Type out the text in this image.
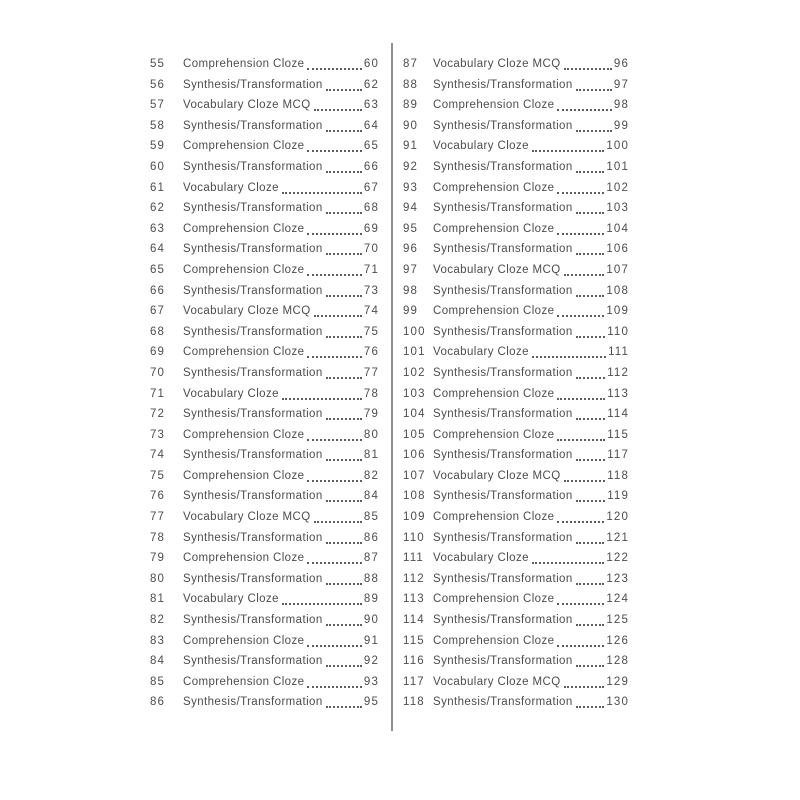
55	Comprehension Cloze	60
56	Synthesis/Transformation	62
57	Vocabulary Cloze MCQ	63
58	Synthesis/Transformation	64
59	Comprehension Cloze	65
60	Synthesis/Transformation	66
61	Vocabulary Cloze	67
62	Synthesis/Transformation	68
63	Comprehension Cloze	69
64	Synthesis/Transformation	70
65	Comprehension Cloze	71
66	Synthesis/Transformation	73
67	Vocabulary Cloze MCQ	74
68	Synthesis/Transformation	75
69	Comprehension Cloze	76
70	Synthesis/Transformation	77
71	Vocabulary Cloze	78
72	Synthesis/Transformation	79
73	Comprehension Cloze	80
74	Synthesis/Transformation	81
75	Comprehension Cloze	82
76	Synthesis/Transformation	84
77	Vocabulary Cloze MCQ	85
78	Synthesis/Transformation	86
79	Comprehension Cloze	87
80	Synthesis/Transformation	88
81	Vocabulary Cloze	89
82	Synthesis/Transformation	90
83	Comprehension Cloze	91
84	Synthesis/Transformation	92
85	Comprehension Cloze	93
86	Synthesis/Transformation	95
87	Vocabulary Cloze MCQ	96
88	Synthesis/Transformation	97
89	Comprehension Cloze	98
90	Synthesis/Transformation	99
91	Vocabulary Cloze	100
92	Synthesis/Transformation	101
93	Comprehension Cloze	102
94	Synthesis/Transformation	103
95	Comprehension Cloze	104
96	Synthesis/Transformation	106
97	Vocabulary Cloze MCQ	107
98	Synthesis/Transformation	108
99	Comprehension Cloze	109
100 Synthesis/Transformation	110
101 Vocabulary Cloze	111
102 Synthesis/Transformation	112
103 Comprehension Cloze	113
104 Synthesis/Transformation	114
105 Comprehension Cloze	115
106 Synthesis/Transformation	117
107 Vocabulary Cloze MCQ	118
108 Synthesis/Transformation	119
109 Comprehension Cloze	120
110 Synthesis/Transformation	121
111 Vocabulary Cloze	122
112 Synthesis/Transformation	123
113 Comprehension Cloze	124
114 Synthesis/Transformation	125
115 Comprehension Cloze	126
116 Synthesis/Transformation	128
117 Vocabulary Cloze MCQ	129
118 Synthesis/Transformation	130
